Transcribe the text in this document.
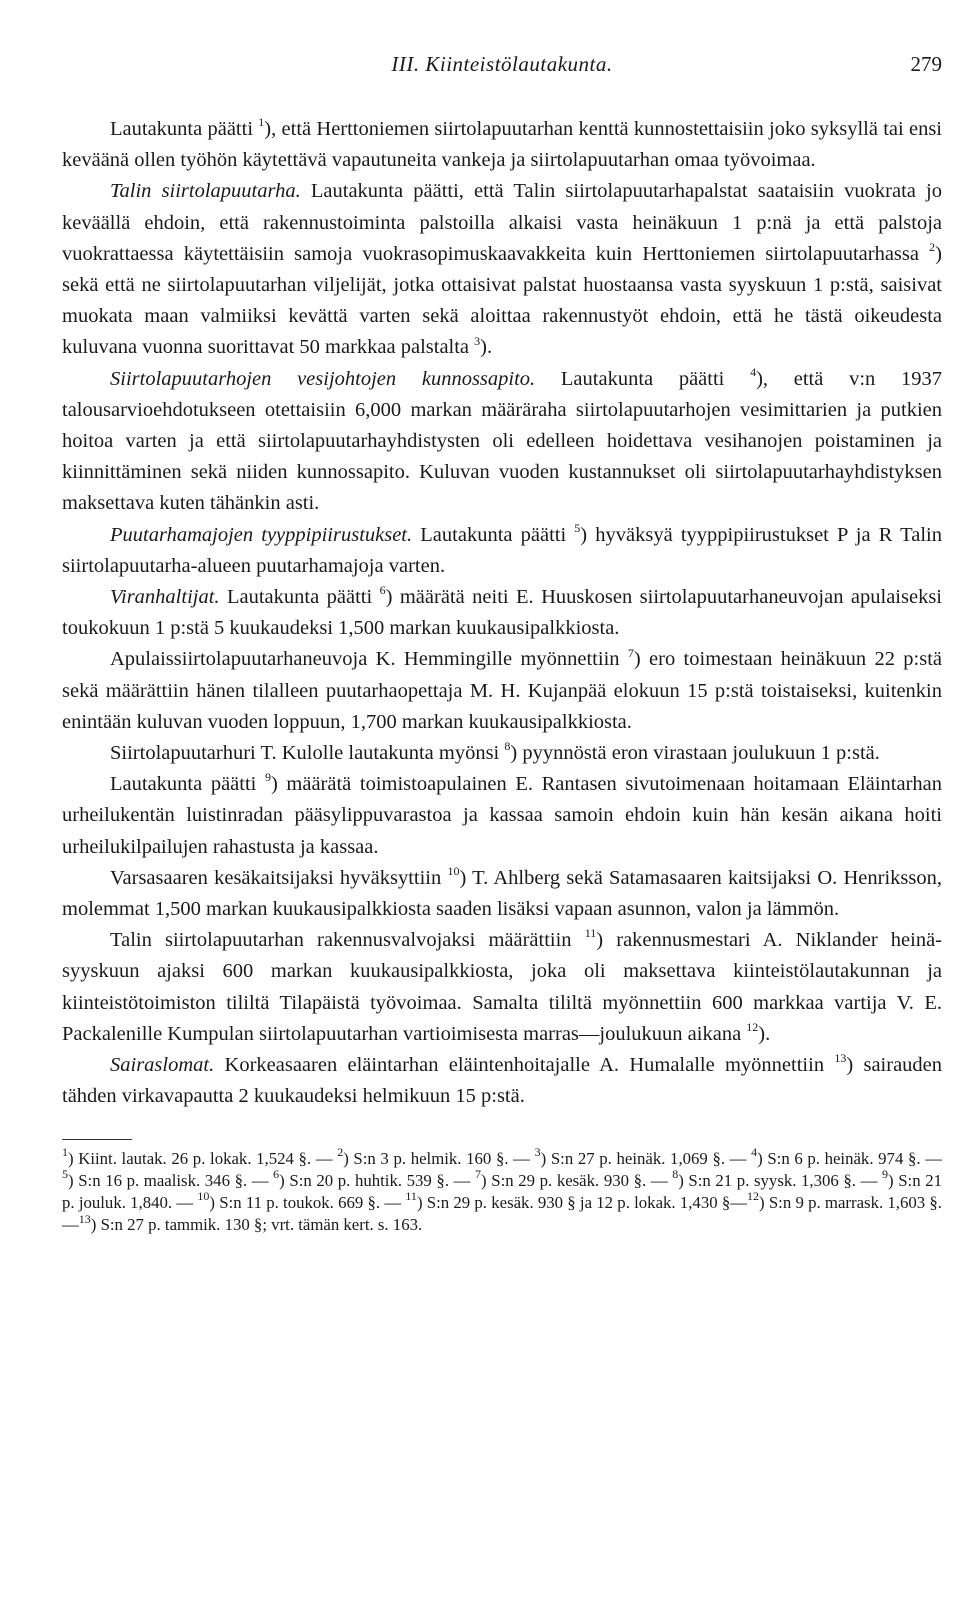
III. Kiinteistölautakunta.	279

Lautakunta päätti $^1$), että Herttoniemen siirtolapuutarhan kenttä kunnostettaisiin joko syksyllä tai ensi keväänä ollen työhön käytettävä vapautuneita vankeja ja siirtolapuutarhan omaa työvoimaa.

Talin siirtolapuutarha. Lautakunta päätti, että Talin siirtolapuutarhapalstat saataisiin vuokrata jo keväällä ehdoin, että rakennustoiminta palstoilla alkaisi vasta heinäkuun 1 p:nä ja että palstoja vuokrattaessa käytettäisiin samoja vuokrasopimuskaavakkeita kuin Herttoniemen siirtolapuutarhassa $^2$) sekä että ne siirtolapuutarhan viljelijät, jotka ottaisivat palstat huostaansa vasta syyskuun 1 p:stä, saisivat muokata maan valmiiksi kevättä varten sekä aloittaa rakennustyöt ehdoin, että he tästä oikeudesta kuluvana vuonna suorittavat 50 markkaa palstalta $^3$).

Siirtolapuutarhojen vesijohtojen kunnossapito. Lautakunta päätti $^4$), että v:n 1937 talousarvioehdotukseen otettaisiin 6,000 markan määräraha siirtolapuutarhojen vesimittarien ja putkien hoitoa varten ja että siirtolapuutarhayhdistysten oli edelleen hoidettava vesihanojen poistaminen ja kiinnittäminen sekä niiden kunnossapito. Kuluvan vuoden kustannukset oli siirtolapuutarhayhdistyksen maksettava kuten tähänkin asti.

Puutarhamajojen tyyppipiirustukset. Lautakunta päätti $^5$) hyväksyä tyyppipiirustukset P ja R Talin siirtolapuutarha-alueen puutarhamajoja varten.

Viranhaltijat. Lautakunta päätti $^6$) määrätä neiti E. Huuskosen siirtolapuutarhaneuvojan apulaiseksi toukokuun 1 p:stä 5 kuukaudeksi 1,500 markan kuukausipalkkiosta.

Apulaissiirtolapuutarhaneuvoja K. Hemmingille myönnettiin $^7$) ero toimestaan heinäkuun 22 p:stä sekä määrättiin hänen tilalleen puutarhaopettaja M. H. Kujanpää elokuun 15 p:stä toistaiseksi, kuitenkin enintään kuluvan vuoden loppuun, 1,700 markan kuukausipalkkiosta.

Siirtolapuutarhuri T. Kulolle lautakunta myönsi $^8$) pyynnöstä eron virastaan joulukuun 1 p:stä.

Lautakunta päätti $^9$) määrätä toimistoapulainen E. Rantasen sivutoimenaan hoitamaan Eläintarhan urheilukentän luistinradan pääsylippuvarastoa ja kassaa samoin ehdoin kuin hän kesän aikana hoiti urheilukilpailujen rahastusta ja kassaa.

Varsasaaren kesäkaitsijaksi hyväksyttiin $^{10}$) T. Ahlberg sekä Satamasaaren kaitsijaksi O. Henriksson, molemmat 1,500 markan kuukausipalkkiosta saaden lisäksi vapaan asunnon, valon ja lämmön.

Talin siirtolapuutarhan rakennusvalvojaksi määrättiin $^{11}$) rakennusmestari A. Niklander heinä-syyskuun ajaksi 600 markan kuukausipalkkiosta, joka oli maksettava kiinteistölautakunnan ja kiinteistötoimiston tililtä Tilapäistä työvoimaa. Samalta tililtä myönnettiin 600 markkaa vartija V. E. Packalenille Kumpulan siirtolapuutarhan vartioimisesta marras—joulukuun aikana $^{12}$).

Sairaslomat. Korkeasaaren eläintarhan eläintenhoitajalle A. Humalalle myönnettiin $^{13}$) sairauden tähden virkavapautta 2 kuukaudeksi helmikuun 15 p:stä.

$^1$) Kiint. lautak. 26 p. lokak. 1,524 §. — $^2$) S:n 3 p. helmik. 160 §. — $^3$) S:n 27 p. heinäk. 1,069 §. — $^4$) S:n 6 p. heinäk. 974 §. — $^5$) S:n 16 p. maalisk. 346 §. — $^6$) S:n 20 p. huhtik. 539 §. — $^7$) S:n 29 p. kesäk. 930 §. — $^8$) S:n 21 p. syysk. 1,306 §. — $^9$) S:n 21 p. jouluk. 1,840. — $^{10}$) S:n 11 p. toukok. 669 §. — $^{11}$) S:n 29 p. kesäk. 930 § ja 12 p. lokak. 1,430 §—$^{12}$) S:n 9 p. marrask. 1,603 §.—$^{13}$) S:n 27 p. tammik. 130 §; vrt. tämän kert. s. 163.
